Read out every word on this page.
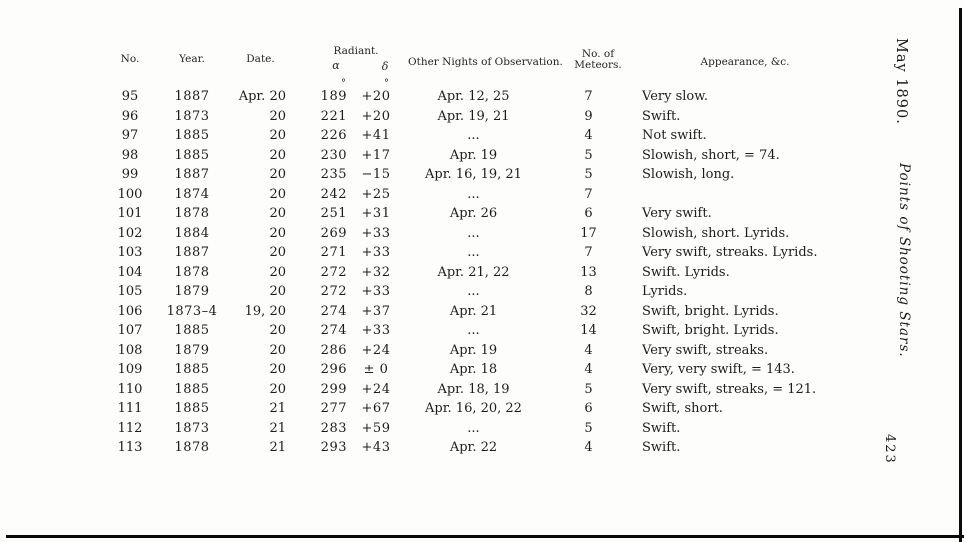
No.	Year.	Date.
Radiant.
α	δ Other Nights of Observation.
No. of
Meteors.	Appearance, &c.
°	°
95	1887 Apr. 20	189 +20	Apr. 12, 25	7	Very slow.
96	1873	20	221 +20	Apr. 19, 21	9	Swift.
97	1885	20	226 +41	...	4	Not swift.
98	1885	20	230 +17	Apr. 19	5	Slowish, short, = 74.
99	1887	20	235 −15	Apr. 16, 19, 21	5	Slowish, long.
100 1874	20	242 +25	...	7
101 1878	20	251 +31	Apr. 26	6	Very swift.
102 1884	20	269 +33	...	17	Slowish, short. Lyrids.
103 1887	20	271 +33	...	7	Very swift, streaks. Lyrids.
104 1878	20	272 +32	Apr. 21, 22	13	Swift. Lyrids.
105 1879	20	272 +33	...	8	Lyrids.
106 1873–4 19, 20	274 +37	Apr. 21	32	Swift, bright. Lyrids.
107 1885	20	274 +33	...	14	Swift, bright. Lyrids.
108 1879	20	286 +24	Apr. 19	4	Very swift, streaks.
109 1885	20	296 ± 0	Apr. 18	4	Very, very swift, = 143.
110 1885	20	299 +24	Apr. 18, 19	5	Very swift, streaks, = 121.
111 1885	21	277 +67	Apr. 16, 20, 22	6	Swift, short.
112 1873	21	283 +59	...	5	Swift.
113 1878	21	293 +43	Apr. 22	4	Swift.
May 1890.
Points of Shooting Stars.
423
